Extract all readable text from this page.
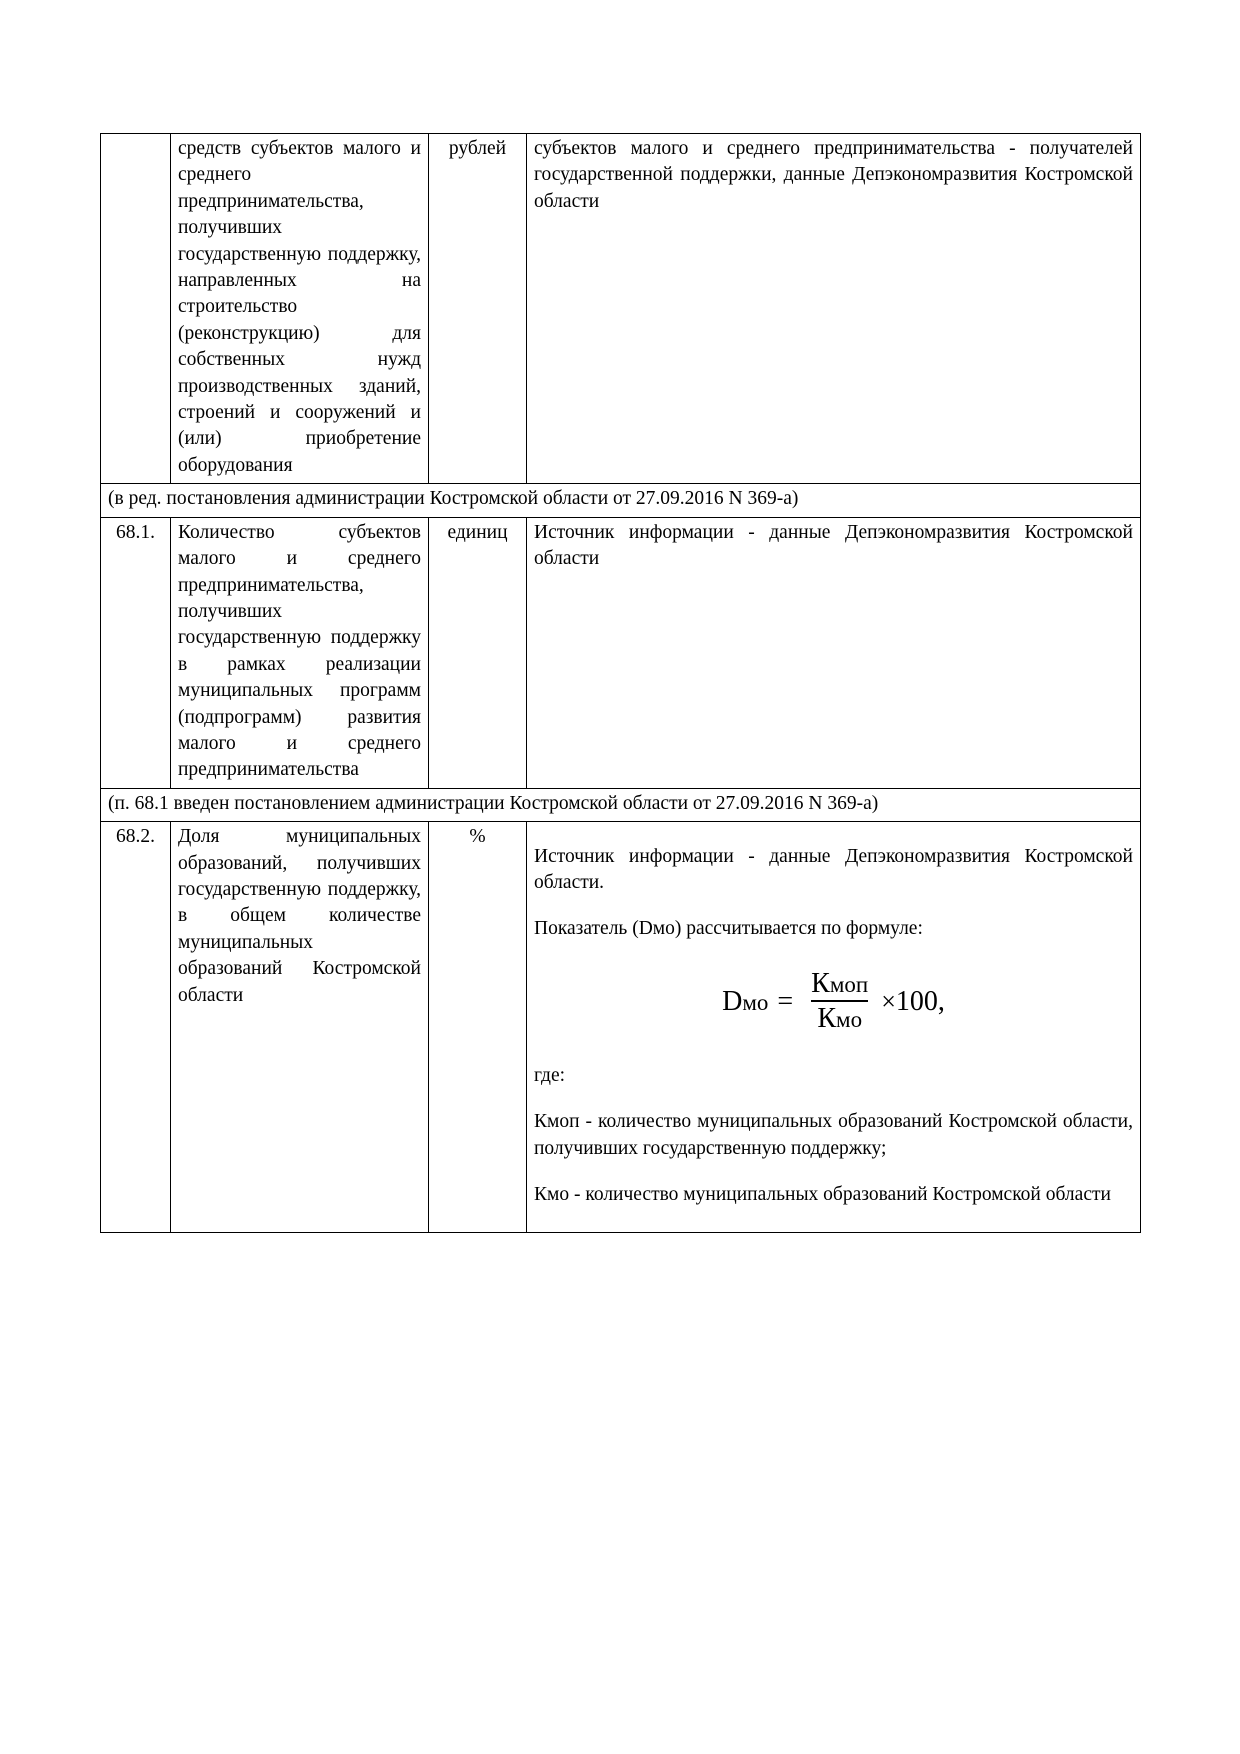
	средств субъектов малого и среднего предпринимательства, получивших государственную поддержку, направленных на строительство (реконструкцию) для собственных нужд производственных зданий, строений и сооружений и (или) приобретение оборудования	рублей	субъектов малого и среднего предпринимательства - получателей государственной поддержки, данные Депэкономразвития Костромской области
(в ред. постановления администрации Костромской области от 27.09.2016 N 369-а)			
68.1.	Количество субъектов малого и среднего предпринимательства, получивших государственную поддержку в рамках реализации муниципальных программ (подпрограмм) развития малого и среднего предпринимательства	единиц	Источник информации - данные Депэкономразвития Костромской области
(п. 68.1 введен постановлением администрации Костромской области от 27.09.2016 N 369-а)			
68.2.	Доля муниципальных образований, получивших государственную поддержку, в общем количестве муниципальных образований Костромской области	%	

Источник информации - данные Депэкономразвития Костромской области.

Показатель (Dмо) рассчитывается по формуле:

Dмо = $\frac{\text{Кмоп}}{\text{Кмо}} \times 100$,

где:

Кмоп - количество муниципальных образований Костромской области, получивших государственную поддержку;

Кмо - количество муниципальных образований Костромской области
